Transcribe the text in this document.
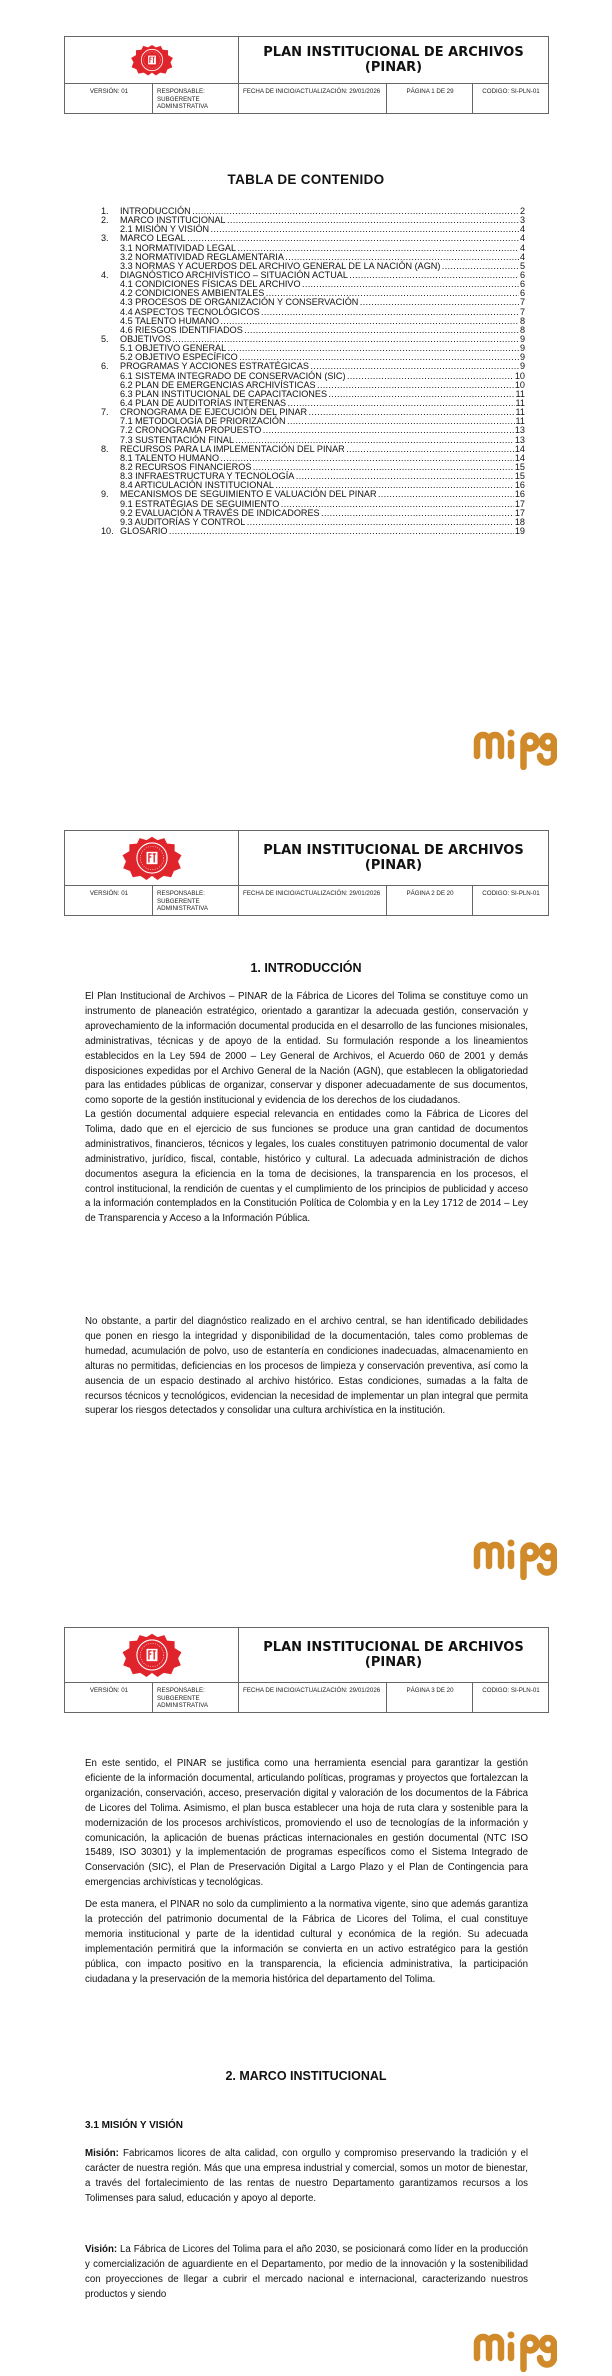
PLAN INSTITUCIONAL DE ARCHIVOS
(PINAR)		

VERSIÓN: 01	RESPONSABLE: SUBGERENTE ADMINISTRATIVA	FECHA DE INICIO/ACTUALIZACIÓN: 29/01/2026	PÁGINA 1 DE 29	CODIGO: SI-PLN-01
TABLA DE CONTENIDO
1.	INTRODUCCIÓN ……………………………………………………………………………………………………………………………………………………	2
2.	MARCO INSTITUCIONAL ……………………………………………………………………………………………………………………………………………………	3
2.1 MISIÓN Y VISIÓN ……………………………………………………………………………………………………………………………………………………	4
3.	MARCO LEGAL ……………………………………………………………………………………………………………………………………………………	4
3.1 NORMATIVIDAD LEGAL ……………………………………………………………………………………………………………………………………………………	4
3.2 NORMATIVIDAD REGLAMENTARIA ……………………………………………………………………………………………………………………………………………………	4
3.3 NORMAS Y ACUERDOS DEL ARCHIVO GENERAL DE LA NACIÓN (AGN) ……………………………………………………………………………………………………………………………………………………	5
4.	DIAGNÓSTICO ARCHIVÍSTICO – SITUACIÓN ACTUAL ……………………………………………………………………………………………………………………………………………………	6
4.1 CONDICIONES FÍSICAS DEL ARCHIVO ……………………………………………………………………………………………………………………………………………………	6
4.2 CONDICIONES AMBIENTALES ……………………………………………………………………………………………………………………………………………………	6
4.3 PROCESOS DE ORGANIZACIÓN Y CONSERVACIÓN ……………………………………………………………………………………………………………………………………………………	7
4.4 ASPECTOS TECNOLÓGICOS ……………………………………………………………………………………………………………………………………………………	7
4.5 TALENTO HUMANO ……………………………………………………………………………………………………………………………………………………	8
4.6 RIESGOS IDENTIFIADOS ……………………………………………………………………………………………………………………………………………………	8
5.	OBJETIVOS ……………………………………………………………………………………………………………………………………………………	9
5.1 OBJETIVO GENERAL ……………………………………………………………………………………………………………………………………………………	9
5.2 OBJETIVO ESPECÍFICO ……………………………………………………………………………………………………………………………………………………	9
6.	PROGRAMAS Y ACCIONES ESTRATÉGICAS ……………………………………………………………………………………………………………………………………………………	9
6.1 SISTEMA INTEGRADO DE CONSERVACIÓN (SIC) ……………………………………………………………………………………………………………………………………………………	10
6.2 PLAN DE EMERGENCIAS ARCHIVÍSTICAS ……………………………………………………………………………………………………………………………………………………	10
6.3 PLAN INSTITUCIONAL DE CAPACITACIONES ……………………………………………………………………………………………………………………………………………………	11
6.4 PLAN DE AUDITORÍAS INTERENAS ……………………………………………………………………………………………………………………………………………………	11
7.	CRONOGRAMA DE EJECUCIÓN DEL PINAR ……………………………………………………………………………………………………………………………………………………	11
7.1 METODOLOGÍA DE PRIORIZACIÓN ……………………………………………………………………………………………………………………………………………………	11
7.2 CRONOGRAMA PROPUESTO ……………………………………………………………………………………………………………………………………………………	13
7.3 SUSTENTACIÓN FINAL ……………………………………………………………………………………………………………………………………………………	13
8.	RECURSOS PARA LA IMPLEMENTACIÓN DEL PINAR ……………………………………………………………………………………………………………………………………………………	14
8.1 TALENTO HUMANO ……………………………………………………………………………………………………………………………………………………	14
8.2 RECURSOS FINANCIEROS ……………………………………………………………………………………………………………………………………………………	15
8.3 INFRAESTRUCTURA Y TECNOLOGÍA ……………………………………………………………………………………………………………………………………………………	15
8.4 ARTICULACIÓN INSTITUCIONAL ……………………………………………………………………………………………………………………………………………………	16
9.	MECANISMOS DE SEGUIMIENTO E VALUACIÓN DEL PINAR ……………………………………………………………………………………………………………………………………………………	16
9.1 ESTRATÉGIAS DE SEGUIMIENTO ……………………………………………………………………………………………………………………………………………………	17
9.2 EVALUACIÓN A TRAVÉS DE INDICADORES ……………………………………………………………………………………………………………………………………………………	17
9.3 AUDITORÍAS Y CONTROL ……………………………………………………………………………………………………………………………………………………	18
10. GLOSARIO ……………………………………………………………………………………………………………………………………………………	19

PLAN INSTITUCIONAL DE ARCHIVOS
(PINAR)		

VERSIÓN: 01	RESPONSABLE: SUBGERENTE ADMINISTRATIVA	FECHA DE INICIO/ACTUALIZACIÓN: 29/01/2026	PÁGINA 2 DE 20	CODIGO: SI-PLN-01
1. INTRODUCCIÓN
El Plan Institucional de Archivos – PINAR de la Fábrica de Licores del Tolima se constituye como un instrumento de planeación estratégico, orientado a garantizar la adecuada gestión, conservación y aprovechamiento de la información documental producida en el desarrollo de las funciones misionales, administrativas, técnicas y de apoyo de la entidad. Su formulación responde a los lineamientos establecidos en la Ley 594 de 2000 – Ley General de Archivos, el Acuerdo 060 de 2001 y demás disposiciones expedidas por el Archivo General de la Nación (AGN), que establecen la obligatoriedad para las entidades públicas de organizar, conservar y disponer adecuadamente de sus documentos, como soporte de la gestión institucional y evidencia de los derechos de los ciudadanos.
La gestión documental adquiere especial relevancia en entidades como la Fábrica de Licores del Tolima, dado que en el ejercicio de sus funciones se produce una gran cantidad de documentos administrativos, financieros, técnicos y legales, los cuales constituyen patrimonio documental de valor administrativo, jurídico, fiscal, contable, histórico y cultural. La adecuada administración de dichos documentos asegura la eficiencia en la toma de decisiones, la transparencia en los procesos, el control institucional, la rendición de cuentas y el cumplimiento de los principios de publicidad y acceso a la información contemplados en la Constitución Política de Colombia y en la Ley 1712 de 2014 – Ley de Transparencia y Acceso a la Información Pública.
No obstante, a partir del diagnóstico realizado en el archivo central, se han identificado debilidades que ponen en riesgo la integridad y disponibilidad de la documentación, tales como problemas de humedad, acumulación de polvo, uso de estantería en condiciones inadecuadas, almacenamiento en alturas no permitidas, deficiencias en los procesos de limpieza y conservación preventiva, así como la ausencia de un espacio destinado al archivo histórico. Estas condiciones, sumadas a la falta de recursos técnicos y tecnológicos, evidencian la necesidad de implementar un plan integral que permita superar los riesgos detectados y consolidar una cultura archivística en la institución.

PLAN INSTITUCIONAL DE ARCHIVOS
(PINAR)		

VERSIÓN: 01	RESPONSABLE: SUBGERENTE ADMINISTRATIVA	FECHA DE INICIO/ACTUALIZACIÓN: 29/01/2026	PÁGINA 3 DE 20	CODIGO: SI-PLN-01
En este sentido, el PINAR se justifica como una herramienta esencial para garantizar la gestión eficiente de la información documental, articulando políticas, programas y proyectos que fortalezcan la organización, conservación, acceso, preservación digital y valoración de los documentos de la Fábrica de Licores del Tolima. Asimismo, el plan busca establecer una hoja de ruta clara y sostenible para la modernización de los procesos archivísticos, promoviendo el uso de tecnologías de la información y comunicación, la aplicación de buenas prácticas internacionales en gestión documental (NTC ISO 15489, ISO 30301) y la implementación de programas específicos como el Sistema Integrado de Conservación (SIC), el Plan de Preservación Digital a Largo Plazo y el Plan de Contingencia para emergencias archivísticas y tecnológicas.
De esta manera, el PINAR no solo da cumplimiento a la normativa vigente, sino que además garantiza la protección del patrimonio documental de la Fábrica de Licores del Tolima, el cual constituye memoria institucional y parte de la identidad cultural y económica de la región. Su adecuada implementación permitirá que la información se convierta en un activo estratégico para la gestión pública, con impacto positivo en la transparencia, la eficiencia administrativa, la participación ciudadana y la preservación de la memoria histórica del departamento del Tolima.
2. MARCO INSTITUCIONAL
3.1 MISIÓN Y VISIÓN
Misión: Fabricamos licores de alta calidad, con orgullo y compromiso preservando la tradición y el carácter de nuestra región. Más que una empresa industrial y comercial, somos un motor de bienestar, a través del fortalecimiento de las rentas de nuestro Departamento garantizamos recursos a los Tolimenses para salud, educación y apoyo al deporte.
Visión: La Fábrica de Licores del Tolima para el año 2030, se posicionará como líder en la producción y comercialización de aguardiente en el Departamento, por medio de la innovación y la sostenibilidad con proyecciones de llegar a cubrir el mercado nacional e internacional, caracterizando nuestros productos y siendo
